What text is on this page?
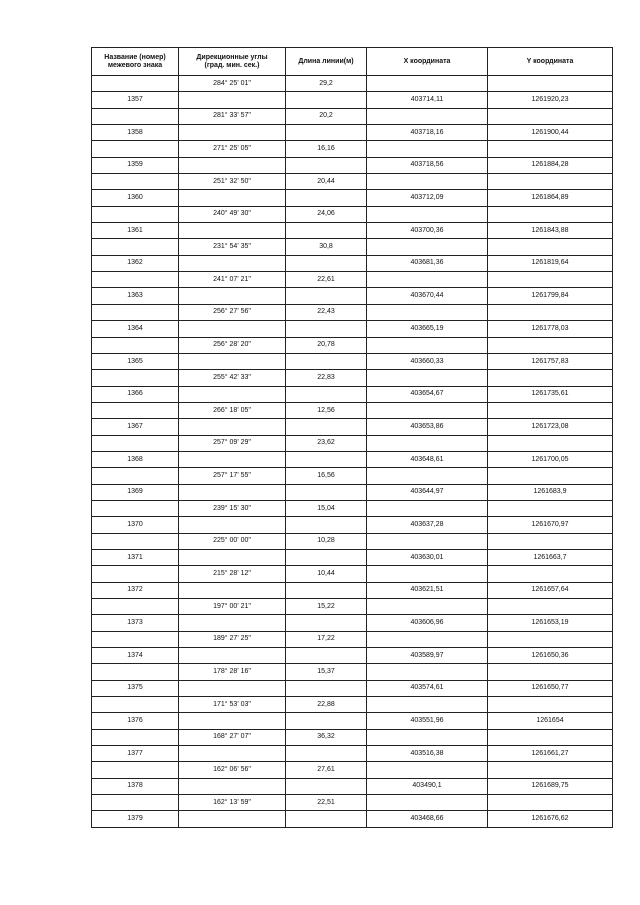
Название (номер)
межевого знака	Дирекционные углы
(град. мин. сек.)	Длина линии(м)	X координата	Y координата
	284° 25' 01"	29,2		
1357			403714,11	1261920,23
	281° 33' 57"	20,2		
1358			403718,16	1261900,44
	271° 25' 05"	16,16		
1359			403718,56	1261884,28
	251° 32' 50"	20,44		
1360			403712,09	1261864,89
	240° 49' 30"	24,06		
1361			403700,36	1261843,88
	231° 54' 35"	30,8		
1362			403681,36	1261819,64
	241° 07' 21"	22,61		
1363			403670,44	1261799,84
	256° 27' 56"	22,43		
1364			403665,19	1261778,03
	256° 28' 20"	20,78		
1365			403660,33	1261757,83
	255° 42' 33"	22,83		
1366			403654,67	1261735,61
	266° 18' 05"	12,56		
1367			403653,86	1261723,08
	257° 09' 29"	23,62		
1368			403648,61	1261700,05
	257° 17' 55"	16,56		
1369			403644,97	1261683,9
	239° 15' 30"	15,04		
1370			403637,28	1261670,97
	225° 00' 00"	10,28		
1371			403630,01	1261663,7
	215° 28' 12"	10,44		
1372			403621,51	1261657,64
	197° 00' 21"	15,22		
1373			403606,96	1261653,19
	189° 27' 25"	17,22		
1374			403589,97	1261650,36
	178° 28' 16"	15,37		
1375			403574,61	1261650,77
	171° 53' 03"	22,88		
1376			403551,96	1261654
	168° 27' 07"	36,32		
1377			403516,38	1261661,27
	162° 06' 56"	27,61		
1378			403490,1	1261689,75
	162° 13' 59"	22,51		
1379			403468,66	1261676,62
